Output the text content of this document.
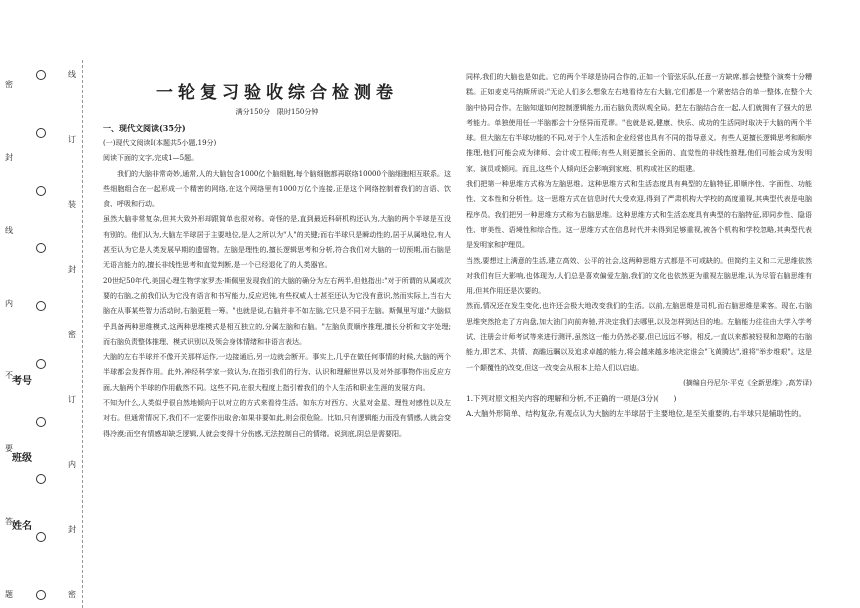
密
封
线
内
不
要
答
题
考号
班级
姓名
线
订
装
封
密
订
内
封
密
一轮复习验收综合检测卷
满分150分　限时150分钟
一、现代文阅读(35分)
(一)现代文阅读Ⅰ(本题共5小题,19分)
阅读下面的文字,完成1—5题。

我们的大脑非常奇妙,通常,人的大脑包含1000亿个脑细胞,每个脑细胞都再联络10000个脑细胞相互联系。这些细胞组合在一起形成一个精密的网络,在这个网络里有1000万亿个连接,正是这个网络控制着我们的言语、饮食、呼吸和行动。

虽然大脑非常复杂,但其大致外形却跟简单也很对称。奇怪的是,直到最近科研机构还认为,大脑的两个半球是互没有别的。他们认为,大脑左半球居于主要地位,是人之所以为"人"的关键;而右半球只是瞬动性的,居于从属地位,有人甚至认为它是人类发展早期的遗留物。左脑是理性的,擅长逻辑思考和分析,符合我们对大脑的一切预期,而右脑是无语言能力的,擅长非线性思考和直觉判断,是一个已经退化了的人类器官。

20世纪50年代,美国心理生物学家罗杰·斯佩里发现我们的大脑的确分为左右两半,但他指出:"对于所谓的从属或次要的右脑,之前我们认为它没有语言和书写能力,反应迟钝,有些权威人士甚至还认为它没有意识,然而实际上,当右大脑在从事某些智力活动时,右脑更胜一筹。"也就是说,右脑并非不如左脑,它只是不同于左脑。斯佩里写道:"大脑似乎具备两种思维模式,这两种思维模式是相互独立的,分属左脑和右脑。"左脑负责顺序推理,擅长分析和文字处理;而右脑负责整体推理、模式识别以及领会身体情绪和非语言表达。

大脑的左右半球并不像开关那样运作,一边接通后,另一边就会断开。事实上,几乎在做任何事情的时候,大脑的两个半球都会发挥作用。此外,神经科学家一致认为,在指引我们的行为、认识和理解世界以及对外部事物作出反应方面,大脑两个半球的作用截然不同。这些不同,在很大程度上指引着我们的个人生活和职业生涯的发展方向。

不知为什么,人类似乎很自然地倾向于以对立的方式来看待生活。如东方对西方、火星对金星、理性对感性以及左对右。但通常情况下,我们不一定要作出取舍;如果非要如此,则会很危险。比如,只有逻辑能力而没有情感,人就会变得冷漠;而空有情感却缺乏逻辑,人就会变得十分伤感,无法控制自己的情绪。说到底,阴总是需要阳。

同样,我们的大脑也是如此。它的两个半球是协同合作的,正如一个管弦乐队,任意一方缺席,都会使整个演奏十分糟糕。正如麦克马纳斯所说:"无论人们多么想象左右地看待左右大脑,它们都是一个紧密结合的单一整体,在整个大脑中协同合作。左脑知道如何控制逻辑能力,而右脑负责纵观全局。把左右脑结合在一起,人们就拥有了强大的思考能力。单独使用任一半脑都会十分怪异而荒谬。"也就是说,健康、快乐、成功的生活同时取决于大脑的两个半球。但大脑左右半球功能的不同,对于个人生活和企业经营也具有不同的指导意义。有些人更擅长逻辑思考和顺序推理,他们可能会成为律师、会计或工程师;有些人则更擅长全面的、直觉性的非线性推理,他们可能会成为发明家、演员或倾问。而且,这些个人倾向还会影响到家庭、机构或社区的组建。

我们把第一种思维方式称为左脑思维。这种思维方式和生活态度具有典型的左脑特征,即顺序性、字面性、功能性、文本性和分析性。这一思维方式在信息时代大受欢迎,得到了严肃机构大学校的高度重视,其典型代表是电脑程序员。我们把另一种思维方式称为右脑思维。这种思维方式和生活态度具有典型的右脑特征,即同步性、隐语性、审美性、语境性和综合性。这一思维方式在信息时代并未得到足够重视,被各个机构和学校忽略,其典型代表是发明家和护理员。

当然,要想过上满意的生活,建立高效、公平的社会,这两种思维方式都是不可或缺的。但简约主义和二元思维依然对我们有巨大影响,也体现为,人们总是喜欢偏爱左脑,我们的文化也依然更为重视左脑思维,认为尽管右脑思维有用,但其作用还是次要的。

然而,情况还在发生变化,也许还会极大地改变我们的生活。以前,左脑思维是司机,而右脑思维是乘客。现在,右脑思维突然抢走了方向盘,加大油门向前奔驰,并决定我们去哪里,以及怎样到达目的地。左脑能力往往由大学入学考试、注册会计师考试等来进行测评,虽然这一能力仍然必要,但已远远不够。相反,一直以来都被轻视和忽略的右脑能力,即艺术、共情、高瞻远瞩以及追求卓越的能力,将会越来越多地决定谁会"飞黄腾达",谁将"举步维艰"。这是一个颠覆性的改变,但这一改变会从根本上给人们以启迪。

(摘编自丹尼尔·平克《全新思维》,高芳译)

1.下列对原文相关内容的理解和分析,不正确的一项是(3分)(　　)

A.大脑外形简单、结构复杂,有观点认为大脑的左半球居于主要地位,是至关重要的,右半球只是辅助性的。
